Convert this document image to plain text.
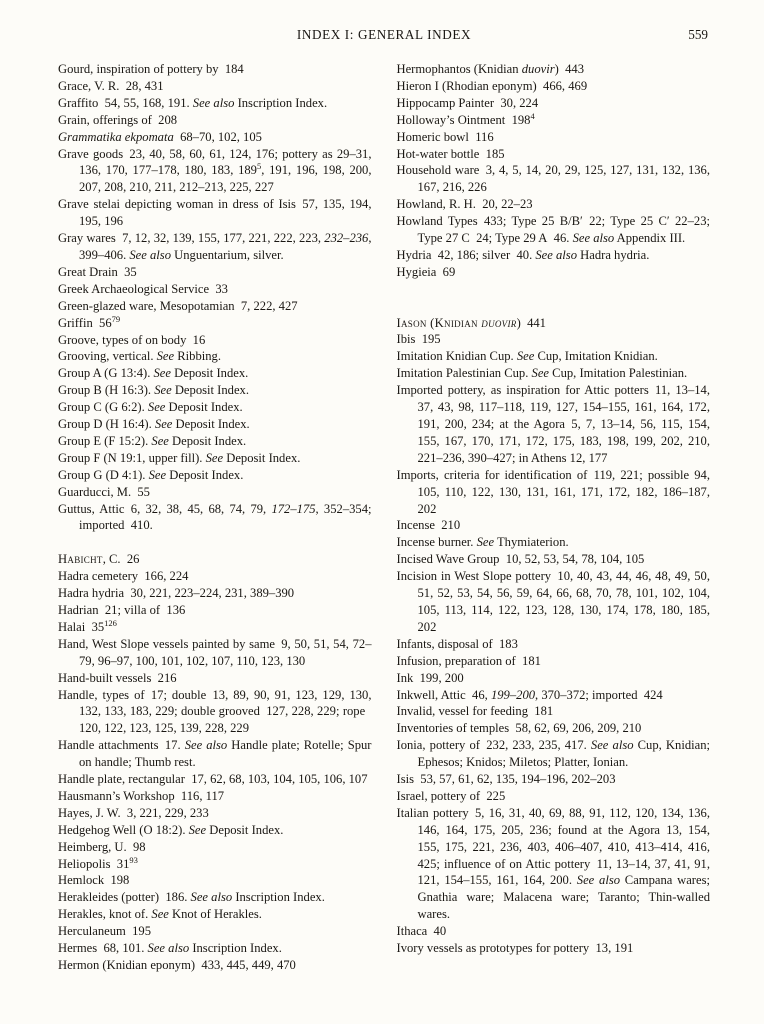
INDEX I: GENERAL INDEX	559
Gourd, inspiration of pottery by 184
Grace, V. R. 28, 431
Graffito 54, 55, 168, 191. See also Inscription Index.
Grain, offerings of 208
Grammatika ekpomata 68–70, 102, 105
Grave goods 23, 40, 58, 60, 61, 124, 176; pottery as 29–31, 136, 170, 177–178, 180, 183, $189^5$, 191, 196, 198, 200, 207, 208, 210, 211, 212–213, 225, 227
Grave stelai depicting woman in dress of Isis 57, 135, 194, 195, 196
Gray wares 7, 12, 32, 139, 155, 177, 221, 222, 223, 232–236, 399–406. See also Unguentarium, silver.
Great Drain 35
Greek Archaeological Service 33
Green-glazed ware, Mesopotamian 7, 222, 427
Griffin $56^{79}$
Groove, types of on body 16
Grooving, vertical. See Ribbing.
Group A (G 13:4). See Deposit Index.
Group B (H 16:3). See Deposit Index.
Group C (G 6:2). See Deposit Index.
Group D (H 16:4). See Deposit Index.
Group E (F 15:2). See Deposit Index.
Group F (N 19:1, upper fill). See Deposit Index.
Group G (D 4:1). See Deposit Index.
Guarducci, M. 55
Guttus, Attic 6, 32, 38, 45, 68, 74, 79, 172–175, 352–354; imported 410.
Habicht, C. 26
Hadra cemetery 166, 224
Hadra hydria 30, 221, 223–224, 231, 389–390
Hadrian 21; villa of 136
Halai $35^{126}$
Hand, West Slope vessels painted by same 9, 50, 51, 54, 72–79, 96–97, 100, 101, 102, 107, 110, 123, 130
Hand-built vessels 216
Handle, types of 17; double 13, 89, 90, 91, 123, 129, 130, 132, 133, 183, 229; double grooved 127, 228, 229; rope 120, 122, 123, 125, 139, 228, 229
Handle attachments 17. See also Handle plate; Rotelle; Spur on handle; Thumb rest.
Handle plate, rectangular 17, 62, 68, 103, 104, 105, 106, 107
Hausmann’s Workshop 116, 117
Hayes, J. W. 3, 221, 229, 233
Hedgehog Well (O 18:2). See Deposit Index.
Heimberg, U. 98
Heliopolis $31^{93}$
Hemlock 198
Herakleides (potter) 186. See also Inscription Index.
Herakles, knot of. See Knot of Herakles.
Herculaneum 195
Hermes 68, 101. See also Inscription Index.
Hermon (Knidian eponym) 433, 445, 449, 470
Hermophantos (Knidian duovir) 443
Hieron I (Rhodian eponym) 466, 469
Hippocamp Painter 30, 224
Holloway’s Ointment $198^4$
Homeric bowl 116
Hot-water bottle 185
Household ware 3, 4, 5, 14, 20, 29, 125, 127, 131, 132, 136, 167, 216, 226
Howland, R. H. 20, 22–23
Howland Types 433; Type 25 B/B′ 22; Type 25 C′ 22–23; Type 27 C 24; Type 29 A 46. See also Appendix III.
Hydria 42, 186; silver 40. See also Hadra hydria.
Hygieia 69
Iason (Knidian duovir) 441
Ibis 195
Imitation Knidian Cup. See Cup, Imitation Knidian.
Imitation Palestinian Cup. See Cup, Imitation Palestinian.
Imported pottery, as inspiration for Attic potters 11, 13–14, 37, 43, 98, 117–118, 119, 127, 154–155, 161, 164, 172, 191, 200, 234; at the Agora 5, 7, 13–14, 56, 115, 154, 155, 167, 170, 171, 172, 175, 183, 198, 199, 202, 210, 221–236, 390–427; in Athens 12, 177
Imports, criteria for identification of 119, 221; possible 94, 105, 110, 122, 130, 131, 161, 171, 172, 182, 186–187, 202
Incense 210
Incense burner. See Thymiaterion.
Incised Wave Group 10, 52, 53, 54, 78, 104, 105
Incision in West Slope pottery 10, 40, 43, 44, 46, 48, 49, 50, 51, 52, 53, 54, 56, 59, 64, 66, 68, 70, 78, 101, 102, 104, 105, 113, 114, 122, 123, 128, 130, 174, 178, 180, 185, 202
Infants, disposal of 183
Infusion, preparation of 181
Ink 199, 200
Inkwell, Attic 46, 199–200, 370–372; imported 424
Invalid, vessel for feeding 181
Inventories of temples 58, 62, 69, 206, 209, 210
Ionia, pottery of 232, 233, 235, 417. See also Cup, Knidian; Ephesos; Knidos; Miletos; Platter, Ionian.
Isis 53, 57, 61, 62, 135, 194–196, 202–203
Israel, pottery of 225
Italian pottery 5, 16, 31, 40, 69, 88, 91, 112, 120, 134, 136, 146, 164, 175, 205, 236; found at the Agora 13, 154, 155, 175, 221, 236, 403, 406–407, 410, 413–414, 416, 425; influence of on Attic pottery 11, 13–14, 37, 41, 91, 121, 154–155, 161, 164, 200. See also Campana wares; Gnathia ware; Malacena ware; Taranto; Thin-walled wares.
Ithaca 40
Ivory vessels as prototypes for pottery 13, 191
